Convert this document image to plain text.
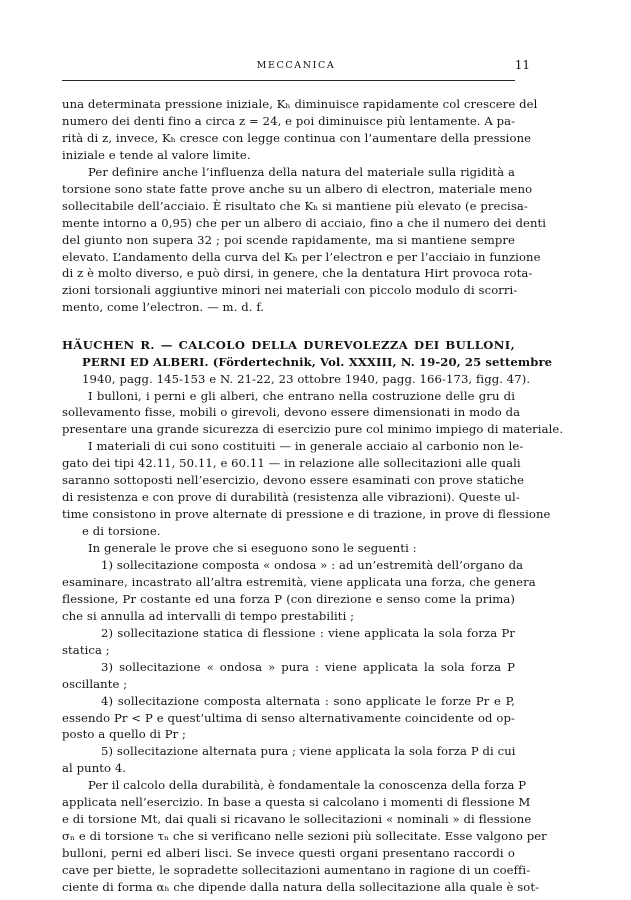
MECCANICA	11
una determinata pressione iniziale, Kₕ diminuisce rapidamente col crescere del
numero dei denti fino a circa z = 24, e poi diminuisce più lentamente. A pa-
rità di z, invece, Kₕ cresce con legge continua con l’aumentare della pressione
iniziale e tende al valore limite.
Per definire anche l’influenza della natura del materiale sulla rigidità a
torsione sono state fatte prove anche su un albero di electron, materiale meno
sollecitabile dell’acciaio. È risultato che Kₕ si mantiene più elevato (e precisa-
mente intorno a 0,95) che per un albero di acciaio, fino a che il numero dei denti
del giunto non supera 32 ; poi scende rapidamente, ma si mantiene sempre
elevato. L’andamento della curva del Kₕ per l’electron e per l’acciaio in funzione
di z è molto diverso, e può dirsi, in genere, che la dentatura Hirt provoca rota-
zioni torsionali aggiuntive minori nei materiali con piccolo modulo di scorri-
mento, come l’electron. — m. d. f.
HÄUCHEN R. — CALCOLO DELLA DUREVOLEZZA DEI BULLONI,
PERNI ED ALBERI. (Fördertechnik, Vol. XXXIII, N. 19-20, 25 settembre
1940, pagg. 145-153 e N. 21-22, 23 ottobre 1940, pagg. 166-173, figg. 47).
I bulloni, i perni e gli alberi, che entrano nella costruzione delle gru di
sollevamento fisse, mobili o girevoli, devono essere dimensionati in modo da
presentare una grande sicurezza di esercizio pure col minimo impiego di materiale.
I materiali di cui sono costituiti — in generale acciaio al carbonio non le-
gato dei tipi 42.11, 50.11, e 60.11 — in relazione alle sollecitazioni alle quali
saranno sottoposti nell’esercizio, devono essere esaminati con prove statiche
di resistenza e con prove di durabilità (resistenza alle vibrazioni). Queste ul-
time consistono in prove alternate di pressione e di trazione, in prove di flessione
e di torsione.
In generale le prove che si eseguono sono le seguenti :
1) sollecitazione composta « ondosa » : ad un’estremità dell’organo da
esaminare, incastrato all’altra estremità, viene applicata una forza, che genera
flessione, Pr costante ed una forza P (con direzione e senso come la prima)
che si annulla ad intervalli di tempo prestabiliti ;
2) sollecitazione statica di flessione : viene applicata la sola forza Pr
statica ;
3) sollecitazione « ondosa » pura : viene applicata la sola forza P
oscillante ;
4) sollecitazione composta alternata : sono applicate le forze Pr e P,
essendo Pr < P e quest’ultima di senso alternativamente coincidente od op-
posto a quello di Pr ;
5) sollecitazione alternata pura ; viene applicata la sola forza P di cui
al punto 4.
Per il calcolo della durabilità, è fondamentale la conoscenza della forza P
applicata nell’esercizio. In base a questa si calcolano i momenti di flessione M
e di torsione Mt, dai quali si ricavano le sollecitazioni « nominali » di flessione
σₙ e di torsione τₙ che si verificano nelle sezioni più sollecitate. Esse valgono per
bulloni, perni ed alberi lisci. Se invece questi organi presentano raccordi o
cave per biette, le sopradette sollecitazioni aumentano in ragione di un coeffi-
ciente di forma αₕ che dipende dalla natura della sollecitazione alla quale è sot-
